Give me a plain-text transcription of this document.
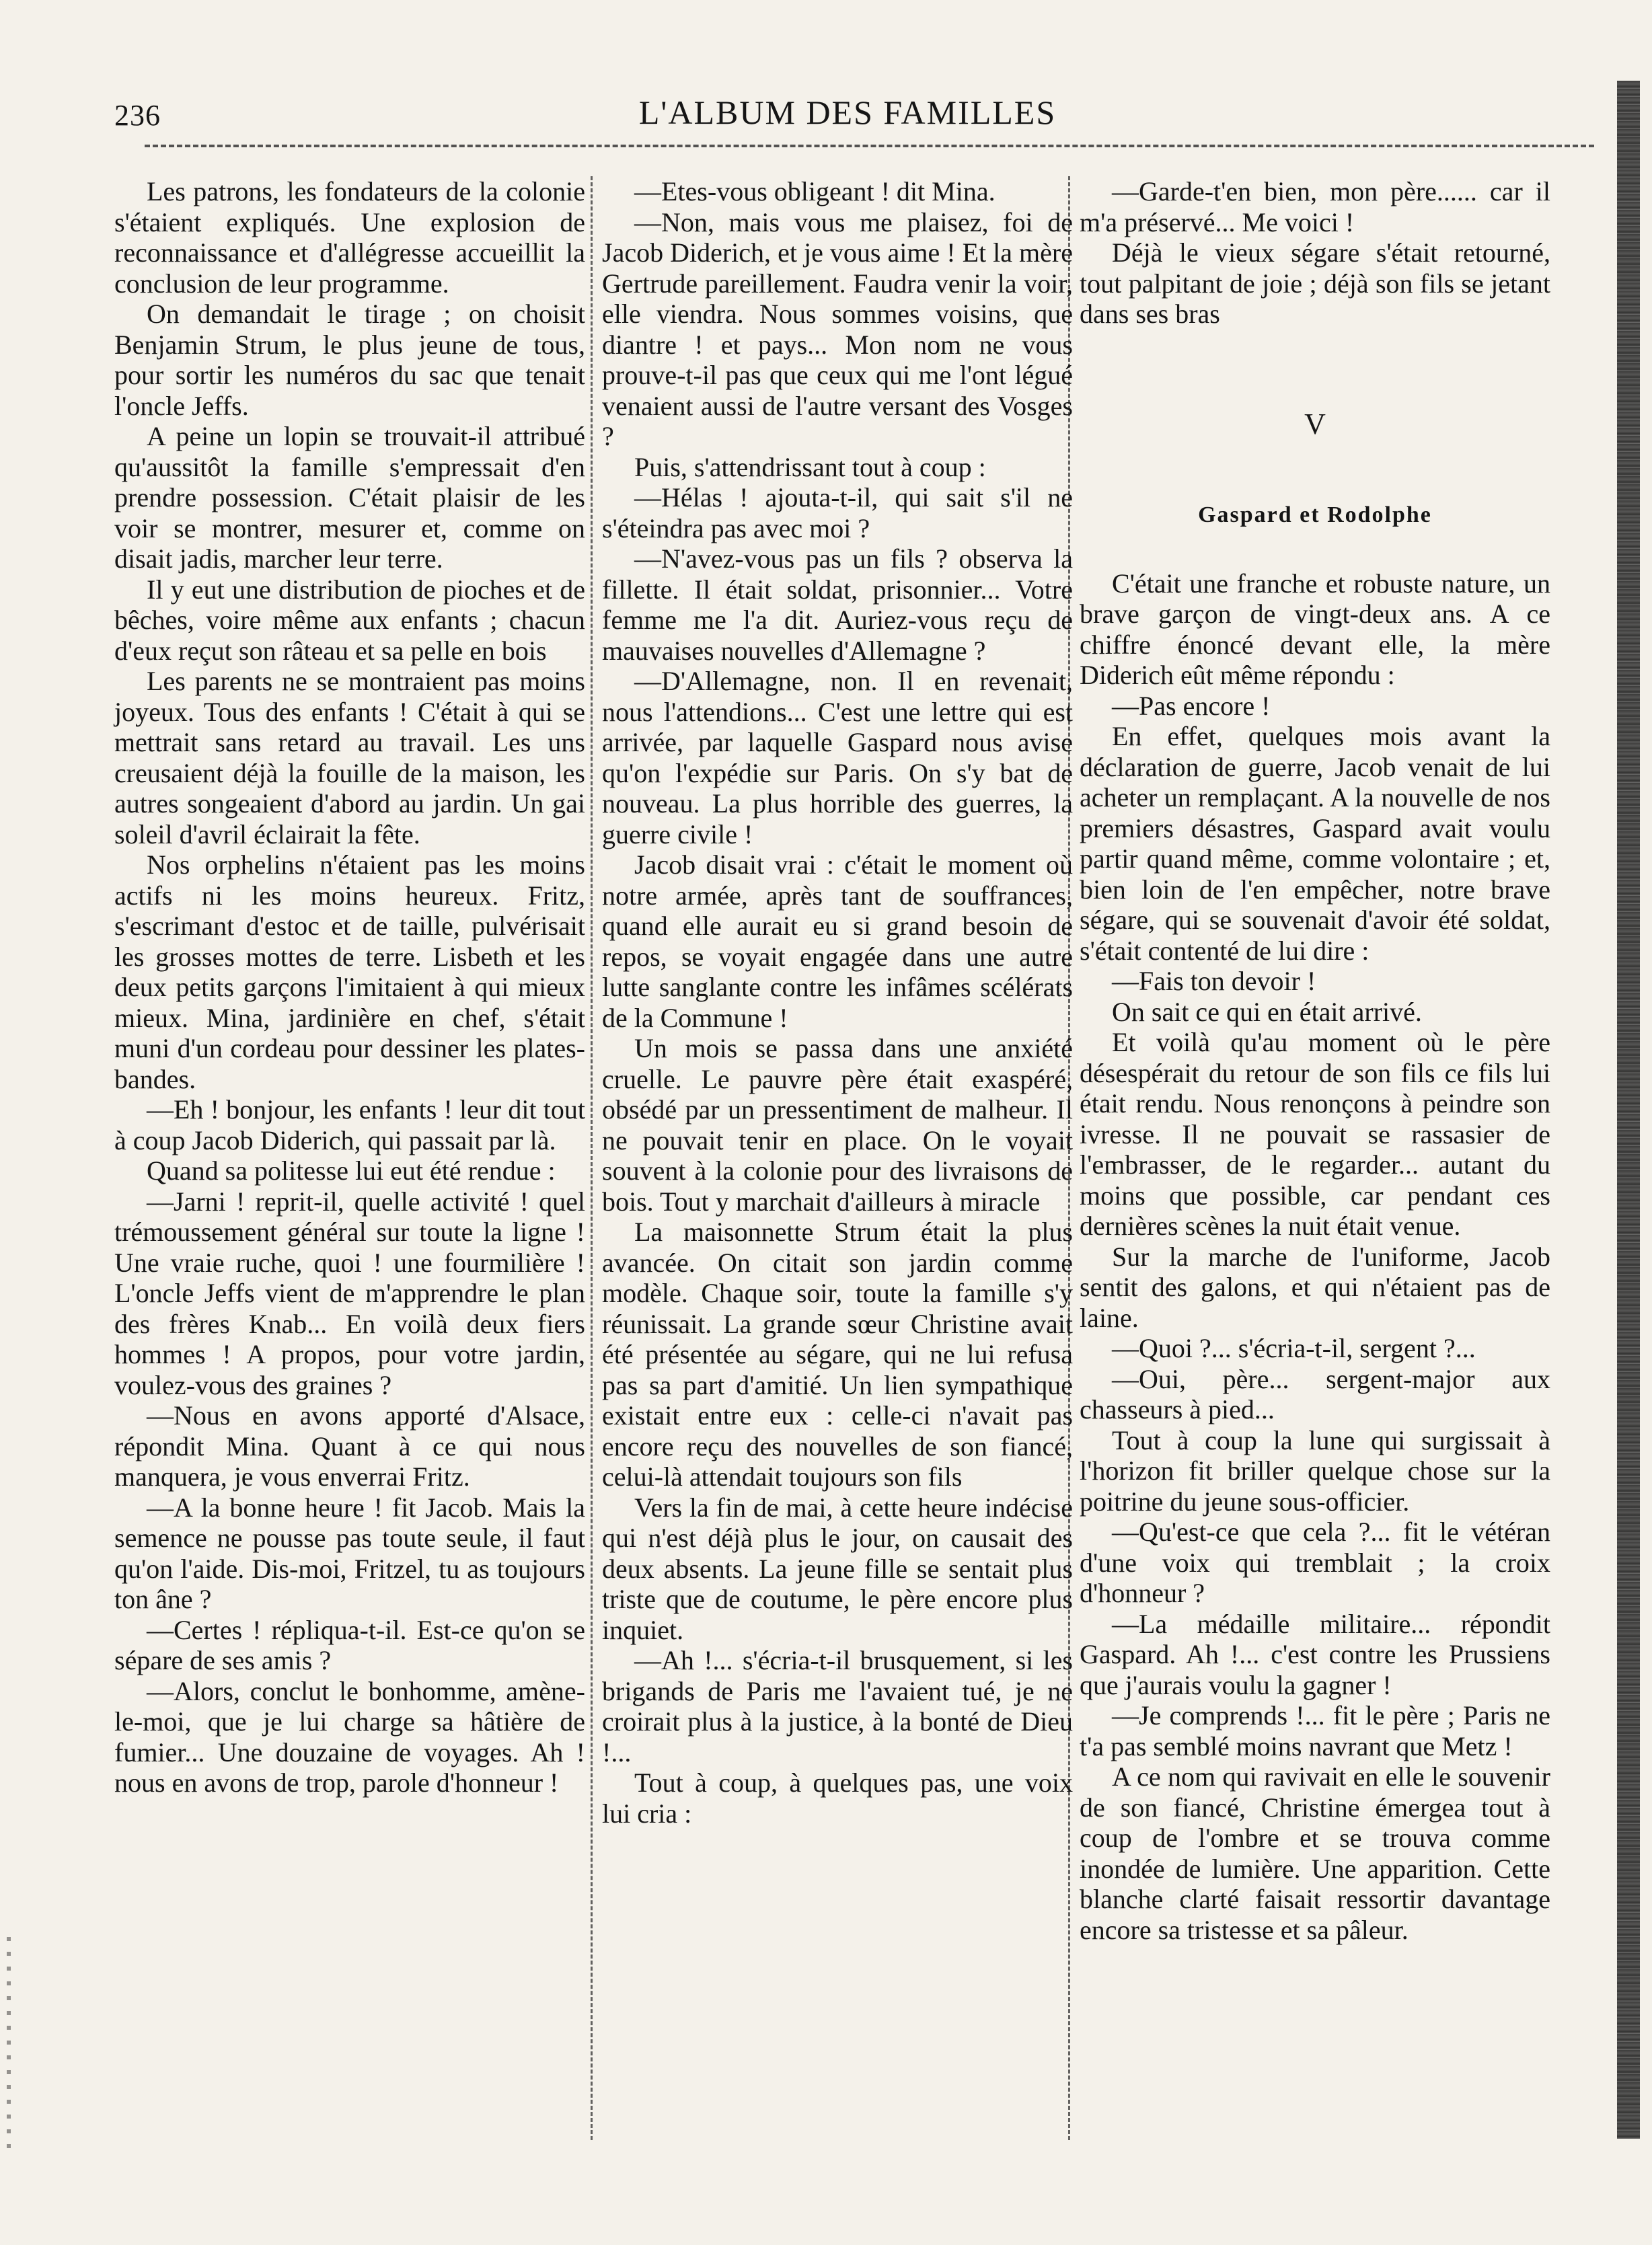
236	L'ALBUM DES FAMILLES

Les patrons, les fondateurs de la colonie s'étaient expliqués. Une explosion de reconnaissance et d'allégresse accueillit la conclusion de leur programme.

On demandait le tirage ; on choisit Benjamin Strum, le plus jeune de tous, pour sortir les numéros du sac que tenait l'oncle Jeffs.

A peine un lopin se trouvait-il attribué qu'aussitôt la famille s'empressait d'en prendre possession. C'était plaisir de les voir se montrer, mesurer et, comme on disait jadis, marcher leur terre.

Il y eut une distribution de pioches et de bêches, voire même aux enfants ; chacun d'eux reçut son râteau et sa pelle en bois

Les parents ne se montraient pas moins joyeux. Tous des enfants ! C'était à qui se mettrait sans retard au travail. Les uns creusaient déjà la fouille de la maison, les autres songeaient d'abord au jardin. Un gai soleil d'avril éclairait la fête.

Nos orphelins n'étaient pas les moins actifs ni les moins heureux. Fritz, s'escrimant d'estoc et de taille, pulvérisait les grosses mottes de terre. Lisbeth et les deux petits garçons l'imitaient à qui mieux mieux. Mina, jardinière en chef, s'était muni d'un cordeau pour dessiner les plates-bandes.

—Eh ! bonjour, les enfants ! leur dit tout à coup Jacob Diderich, qui passait par là.

Quand sa politesse lui eut été rendue :

—Jarni ! reprit-il, quelle activité ! quel trémoussement général sur toute la ligne ! Une vraie ruche, quoi ! une fourmilière ! L'oncle Jeffs vient de m'apprendre le plan des frères Knab... En voilà deux fiers hommes ! A propos, pour votre jardin, voulez-vous des graines ?

—Nous en avons apporté d'Alsace, répondit Mina. Quant à ce qui nous manquera, je vous enverrai Fritz.

—A la bonne heure ! fit Jacob. Mais la semence ne pousse pas toute seule, il faut qu'on l'aide. Dis-moi, Fritzel, tu as toujours ton âne ?

—Certes ! répliqua-t-il. Est-ce qu'on se sépare de ses amis ?

—Alors, conclut le bonhomme, amène-le-moi, que je lui charge sa hâtière de fumier... Une douzaine de voyages. Ah ! nous en avons de trop, parole d'honneur !

—Etes-vous obligeant ! dit Mina.

—Non, mais vous me plaisez, foi de Jacob Diderich, et je vous aime ! Et la mère Gertrude pareillement. Faudra venir la voir, elle viendra. Nous sommes voisins, que diantre ! et pays... Mon nom ne vous prouve-t-il pas que ceux qui me l'ont légué venaient aussi de l'autre versant des Vosges ?

Puis, s'attendrissant tout à coup :

—Hélas ! ajouta-t-il, qui sait s'il ne s'éteindra pas avec moi ?

—N'avez-vous pas un fils ? observa la fillette. Il était soldat, prisonnier... Votre femme me l'a dit. Auriez-vous reçu de mauvaises nouvelles d'Allemagne ?

—D'Allemagne, non. Il en revenait, nous l'attendions... C'est une lettre qui est arrivée, par laquelle Gaspard nous avise qu'on l'expédie sur Paris. On s'y bat de nouveau. La plus horrible des guerres, la guerre civile !

Jacob disait vrai : c'était le moment où notre armée, après tant de souffrances, quand elle aurait eu si grand besoin de repos, se voyait engagée dans une autre lutte sanglante contre les infâmes scélérats de la Commune !

Un mois se passa dans une anxiété cruelle. Le pauvre père était exaspéré, obsédé par un pressentiment de malheur. Il ne pouvait tenir en place. On le voyait souvent à la colonie pour des livraisons de bois. Tout y marchait d'ailleurs à miracle

La maisonnette Strum était la plus avancée. On citait son jardin comme modèle. Chaque soir, toute la famille s'y réunissait. La grande sœur Christine avait été présentée au ségare, qui ne lui refusa pas sa part d'amitié. Un lien sympathique existait entre eux : celle-ci n'avait pas encore reçu des nouvelles de son fiancé, celui-là attendait toujours son fils

Vers la fin de mai, à cette heure indécise qui n'est déjà plus le jour, on causait des deux absents. La jeune fille se sentait plus triste que de coutume, le père encore plus inquiet.

—Ah !... s'écria-t-il brusquement, si les brigands de Paris me l'avaient tué, je ne croirait plus à la justice, à la bonté de Dieu !...

Tout à coup, à quelques pas, une voix lui cria :

—Garde-t'en bien, mon père...... car il m'a préservé... Me voici !

Déjà le vieux ségare s'était retourné, tout palpitant de joie ; déjà son fils se jetant dans ses bras

V
Gaspard et Rodolphe

C'était une franche et robuste nature, un brave garçon de vingt-deux ans. A ce chiffre énoncé devant elle, la mère Diderich eût même répondu :

—Pas encore !

En effet, quelques mois avant la déclaration de guerre, Jacob venait de lui acheter un remplaçant. A la nouvelle de nos premiers désastres, Gaspard avait voulu partir quand même, comme volontaire ; et, bien loin de l'en empêcher, notre brave ségare, qui se souvenait d'avoir été soldat, s'était contenté de lui dire :

—Fais ton devoir !

On sait ce qui en était arrivé.

Et voilà qu'au moment où le père désespérait du retour de son fils ce fils lui était rendu. Nous renonçons à peindre son ivresse. Il ne pouvait se rassasier de l'embrasser, de le regarder... autant du moins que possible, car pendant ces dernières scènes la nuit était venue.

Sur la marche de l'uniforme, Jacob sentit des galons, et qui n'étaient pas de laine.

—Quoi ?... s'écria-t-il, sergent ?...

—Oui, père... sergent-major aux chasseurs à pied...

Tout à coup la lune qui surgissait à l'horizon fit briller quelque chose sur la poitrine du jeune sous-officier.

—Qu'est-ce que cela ?... fit le vétéran d'une voix qui tremblait ; la croix d'honneur ?

—La médaille militaire... répondit Gaspard. Ah !... c'est contre les Prussiens que j'aurais voulu la gagner !

—Je comprends !... fit le père ; Paris ne t'a pas semblé moins navrant que Metz !

A ce nom qui ravivait en elle le souvenir de son fiancé, Christine émergea tout à coup de l'ombre et se trouva comme inondée de lumière. Une apparition. Cette blanche clarté faisait ressortir davantage encore sa tristesse et sa pâleur.
